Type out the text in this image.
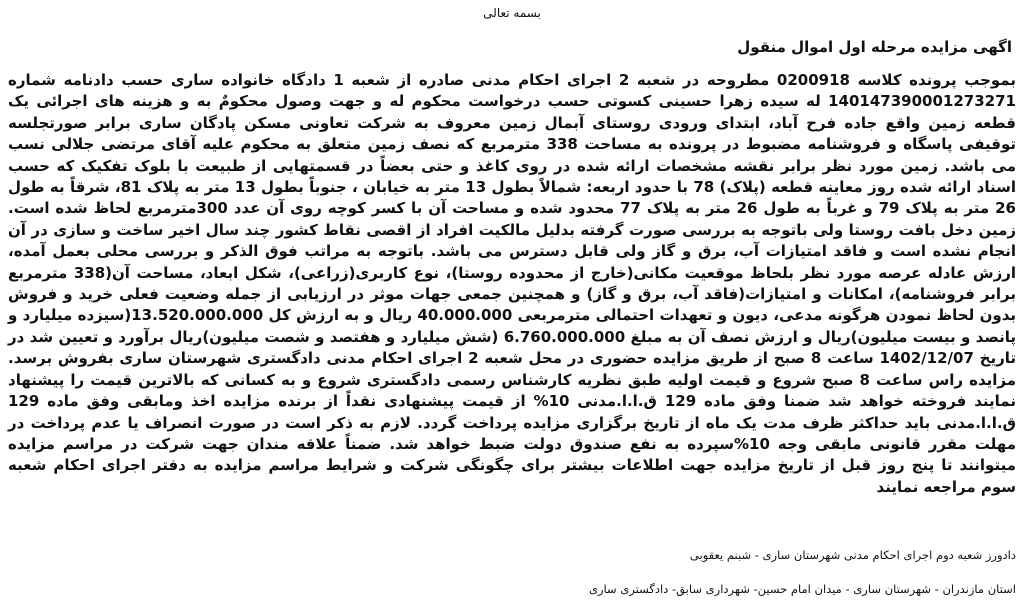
بسمه تعالی
اگهی مزایده مرحله اول اموال منقول
بموجب پرونده کلاسه 0200918 مطروحه در شعبه 2 اجرای احکام مدنی صادره از شعبه 1 دادگاه خانواده ساری حسب دادنامه شماره 140147390001273271 له سیده زهرا حسینی کسوتی حسب درخواست محکوم له و جهت وصول محکومٌ به و هزینه های اجرائی یک قطعه زمین واقع جاده فرح آباد، ابتدای ورودی روستای آبمال زمین معروف به شرکت تعاونی مسکن پادگان ساری برابر صورتجلسه توقیفی پاسگاه و فروشنامه مضبوط در پرونده به مساحت 338 مترمربع که نصف زمین متعلق به محکوم علیه آقای مرتضی جلالی نسب می باشد. زمین مورد نظر برابر نقشه مشخصات ارائه شده در روی کاغذ و حتی بعضاً در قسمتهایی از طبیعت با بلوک تفکیک که حسب اسناد ارائه شده روز معاینه قطعه (پلاک) 78 با حدود اربعه: شمالاً بطول 13 متر به خیابان ، جنوباً بطول 13 متر به پلاک 81، شرقاً به طول 26 متر به پلاک 79 و غرباً به طول 26 متر به پلاک 77 محدود شده و مساحت آن با کسر کوچه روی آن عدد 300مترمربع لحاظ شده است. زمین دخل بافت روستا ولی باتوجه به بررسی صورت گرفته بدلیل مالکیت افراد از اقصی نقاط کشور چند سال اخیر ساخت و سازی در آن انجام نشده است و فاقد امتیازات آب، برق و گاز ولی قابل دسترس می باشد. باتوجه به مراتب فوق الذکر و بررسی محلی بعمل آمده، ارزش عادله عرصه مورد نظر بلحاظ موقعیت مکانی(خارج از محدوده روستا)، نوع کاربری(زراعی)، شکل ابعاد، مساحت آن(338 مترمربع برابر فروشنامه)، امکانات و امتیازات(فاقد آب، برق و گاز) و همچنین جمعی جهات موثر در ارزیابی از جمله وضعیت فعلی خرید و فروش بدون لحاظ نمودن هرگونه مدعی، دیون و تعهدات احتمالی مترمربعی 40.000.000 ریال و به ارزش کل 13.520.000.000(سیزده میلیارد و پانصد و بیست میلیون)ریال و ارزش نصف آن به مبلغ 6.760.000.000 (شش میلیارد و هفتصد و شصت میلیون)ریال برآورد و تعیین شد در تاریخ 1402/12/07 ساعت 8 صبح از طریق مزایده حضوری در محل شعبه 2 اجرای احکام مدنی دادگستری شهرستان ساری بفروش برسد. مزایده راس ساعت 8 صبح شروع و قیمت اولیه طبق نظریه کارشناس رسمی دادگستری شروع و به کسانی که بالاترین قیمت را پیشنهاد نمایند فروخته خواهد شد ضمنا وفق ماده 129 ق.ا.ا.مدنی 10% از قیمت پیشنهادی نقداً از برنده مزایده اخذ ومابقی وفق ماده 129 ق.ا.ا.مدنی باید حداکثر ظرف مدت یک ماه از تاریخ برگزاری مزایده پرداخت گردد. لازم به ذکر است در صورت انصراف یا عدم پرداخت در مهلت مقرر قانونی مابقی وجه 10%سپرده به نفع صندوق دولت ضبط خواهد شد. ضمناً علاقه مندان جهت شرکت در مراسم مزایده میتوانند تا پنج روز قبل از تاریخ مزایده جهت اطلاعات بیشتر برای چگونگی شرکت و شرایط مراسم مزایده به دفتر اجرای احکام شعبه سوم مراجعه نمایند
دادورز شعبه دوم اجرای احکام مدنی شهرستان ساری - شبنم یعقوبی
استان مازندران - شهرستان ساری - میدان امام حسین- شهرداری سابق- دادگستری ساری
